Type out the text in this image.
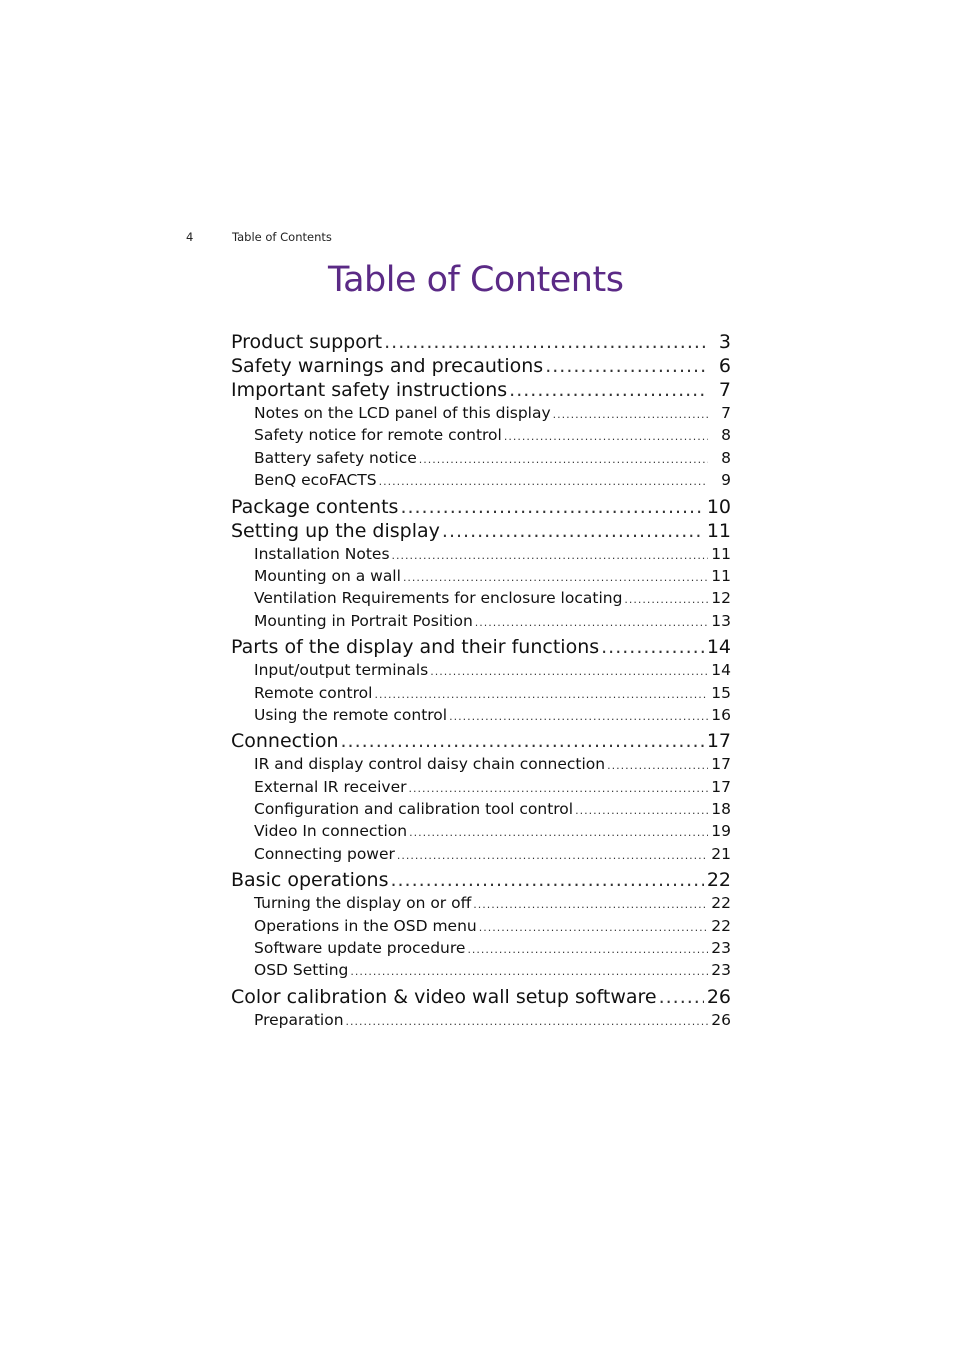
4	Table of Contents
Table of Contents
Product support .....	3
Safety warnings and precautions .....	6
Important safety instructions .....	7
Notes on the LCD panel of this display .....	7
Safety notice for remote control .....	8
Battery safety notice .....	8
BenQ ecoFACTS .....	9
Package contents .....	10
Setting up the display .....	11
Installation Notes .....	11
Mounting on a wall .....	11
Ventilation Requirements for enclosure locating .....	12
Mounting in Portrait Position .....	13
Parts of the display and their functions .....	14
Input/output terminals .....	14
Remote control .....	15
Using the remote control .....	16
Connection .....	17
IR and display control daisy chain connection .....	17
External IR receiver .....	17
Configuration and calibration tool control .....	18
Video In connection .....	19
Connecting power .....	21
Basic operations .....	22
Turning the display on or off .....	22
Operations in the OSD menu .....	22
Software update procedure .....	23
OSD Setting .....	23
Color calibration & video wall setup software .....	26
Preparation .....	26
